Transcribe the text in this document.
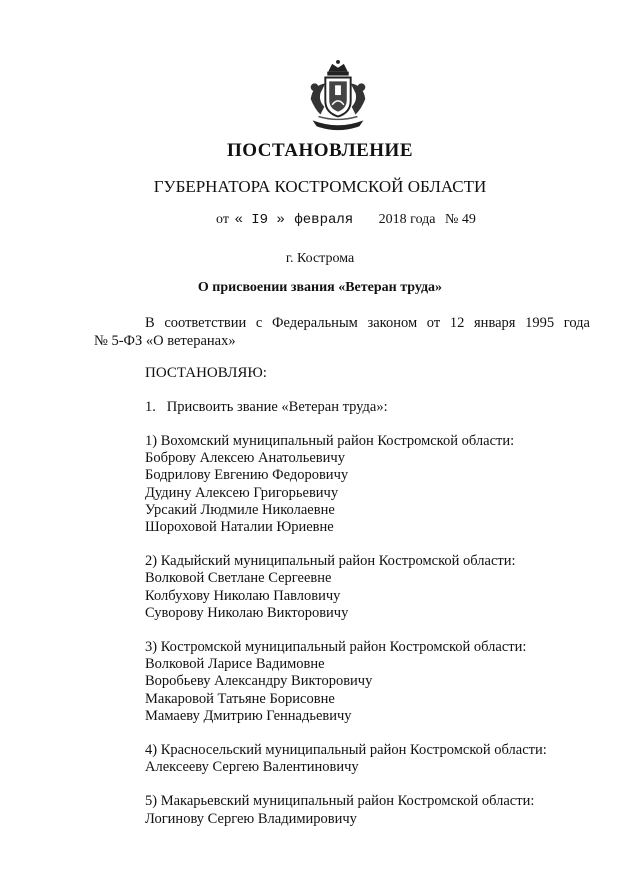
ПОСТАНОВЛЕНИЕ
ГУБЕРНАТОРА КОСТРОМСКОЙ ОБЛАСТИ
от « I9 » февраля 2018 года № 49
г. Кострома
О присвоении звания «Ветеран труда»
В соответствии с Федеральным законом от 12 января 1995 года
№ 5-ФЗ «О ветеранах»
ПОСТАНОВЛЯЮ:
1.   Присвоить звание «Ветеран труда»:
1) Вохомский муниципальный район Костромской области:
Боброву Алексею Анатольевичу
Бодрилову Евгению Федоровичу
Дудину Алексею Григорьевичу
Урсакий Людмиле Николаевне
Шороховой Наталии Юриевне
2) Кадыйский муниципальный район Костромской области:
Волковой Светлане Сергеевне
Колбухову Николаю Павловичу
Суворову Николаю Викторовичу
3) Костромской муниципальный район Костромской области:
Волковой Ларисе Вадимовне
Воробьеву Александру Викторовичу
Макаровой Татьяне Борисовне
Мамаеву Дмитрию Геннадьевичу
4) Красносельский муниципальный район Костромской области:
Алексееву Сергею Валентиновичу
5) Макарьевский муниципальный район Костромской области:
Логинову Сергею Владимировичу
